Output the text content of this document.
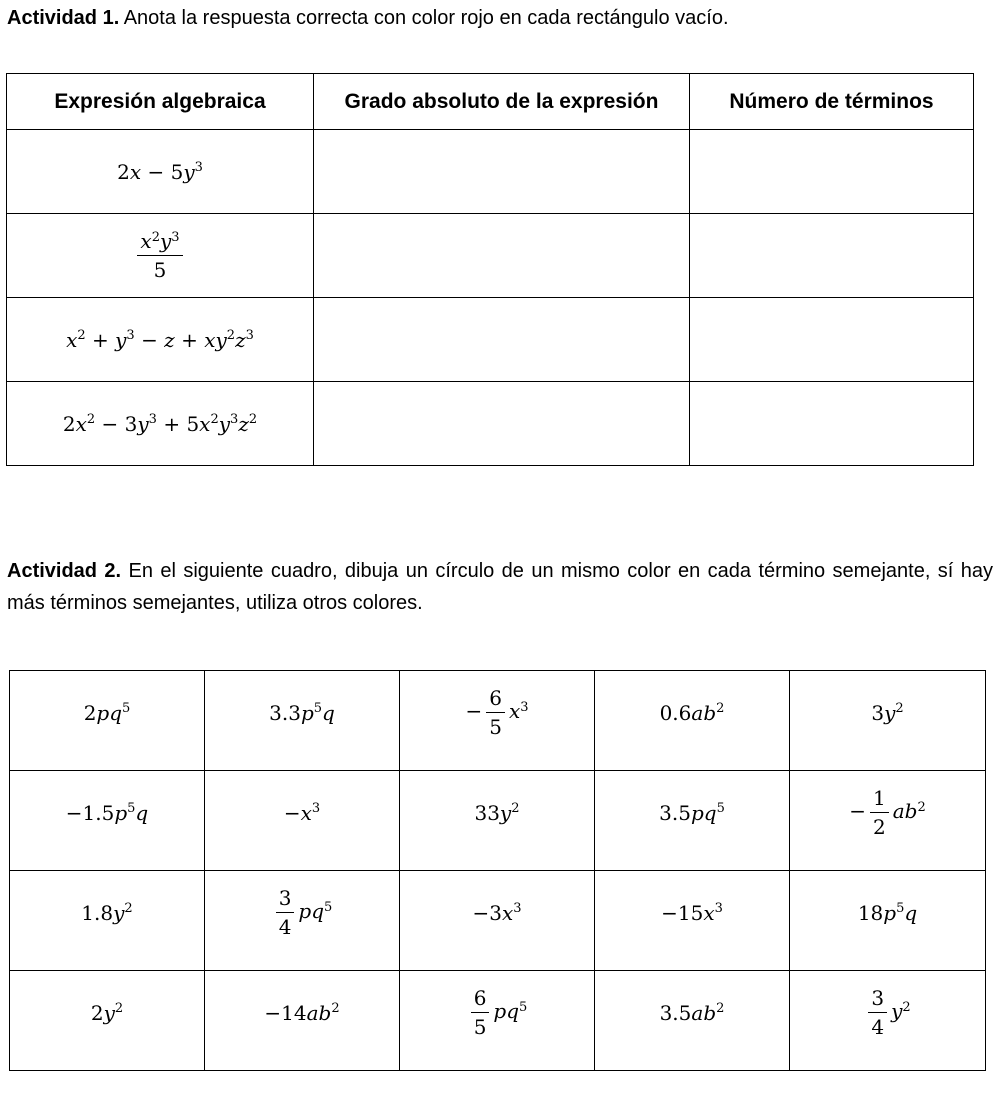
Actividad 1. Anota la respuesta correcta con color rojo en cada rectángulo vacío.

Expresión algebraica	Grado absoluto de la expresión	Número de términos
$2x - 5y^3$		

$\frac{x^2y^3}{5}$

$x^2 + y^3 - z + xy^2z^3$		
$2x^2 - 3y^3 + 5x^2y^3z^2$		

Actividad 2. En el siguiente cuadro, dibuja un círculo de un mismo color en cada término semejante, sí hay más términos semejantes, utiliza otros colores.

$2pq^5$	$3.3p^5q$	− $\frac{6}{5} x^3$	$0.6ab^2$	$3y^2$
$-1.5p^5q$	$-x^3$	$33y^2$	$3.5pq^5$	− $\frac{1}{2} ab^2$
$1.8y^2$	$\frac{3}{4} pq^5$	$-3x^3$	$-15x^3$	$18p^5q$
$2y^2$	$-14ab^2$	$\frac{6}{5} pq^5$	$3.5ab^2$	$\frac{3}{4} y^2$
